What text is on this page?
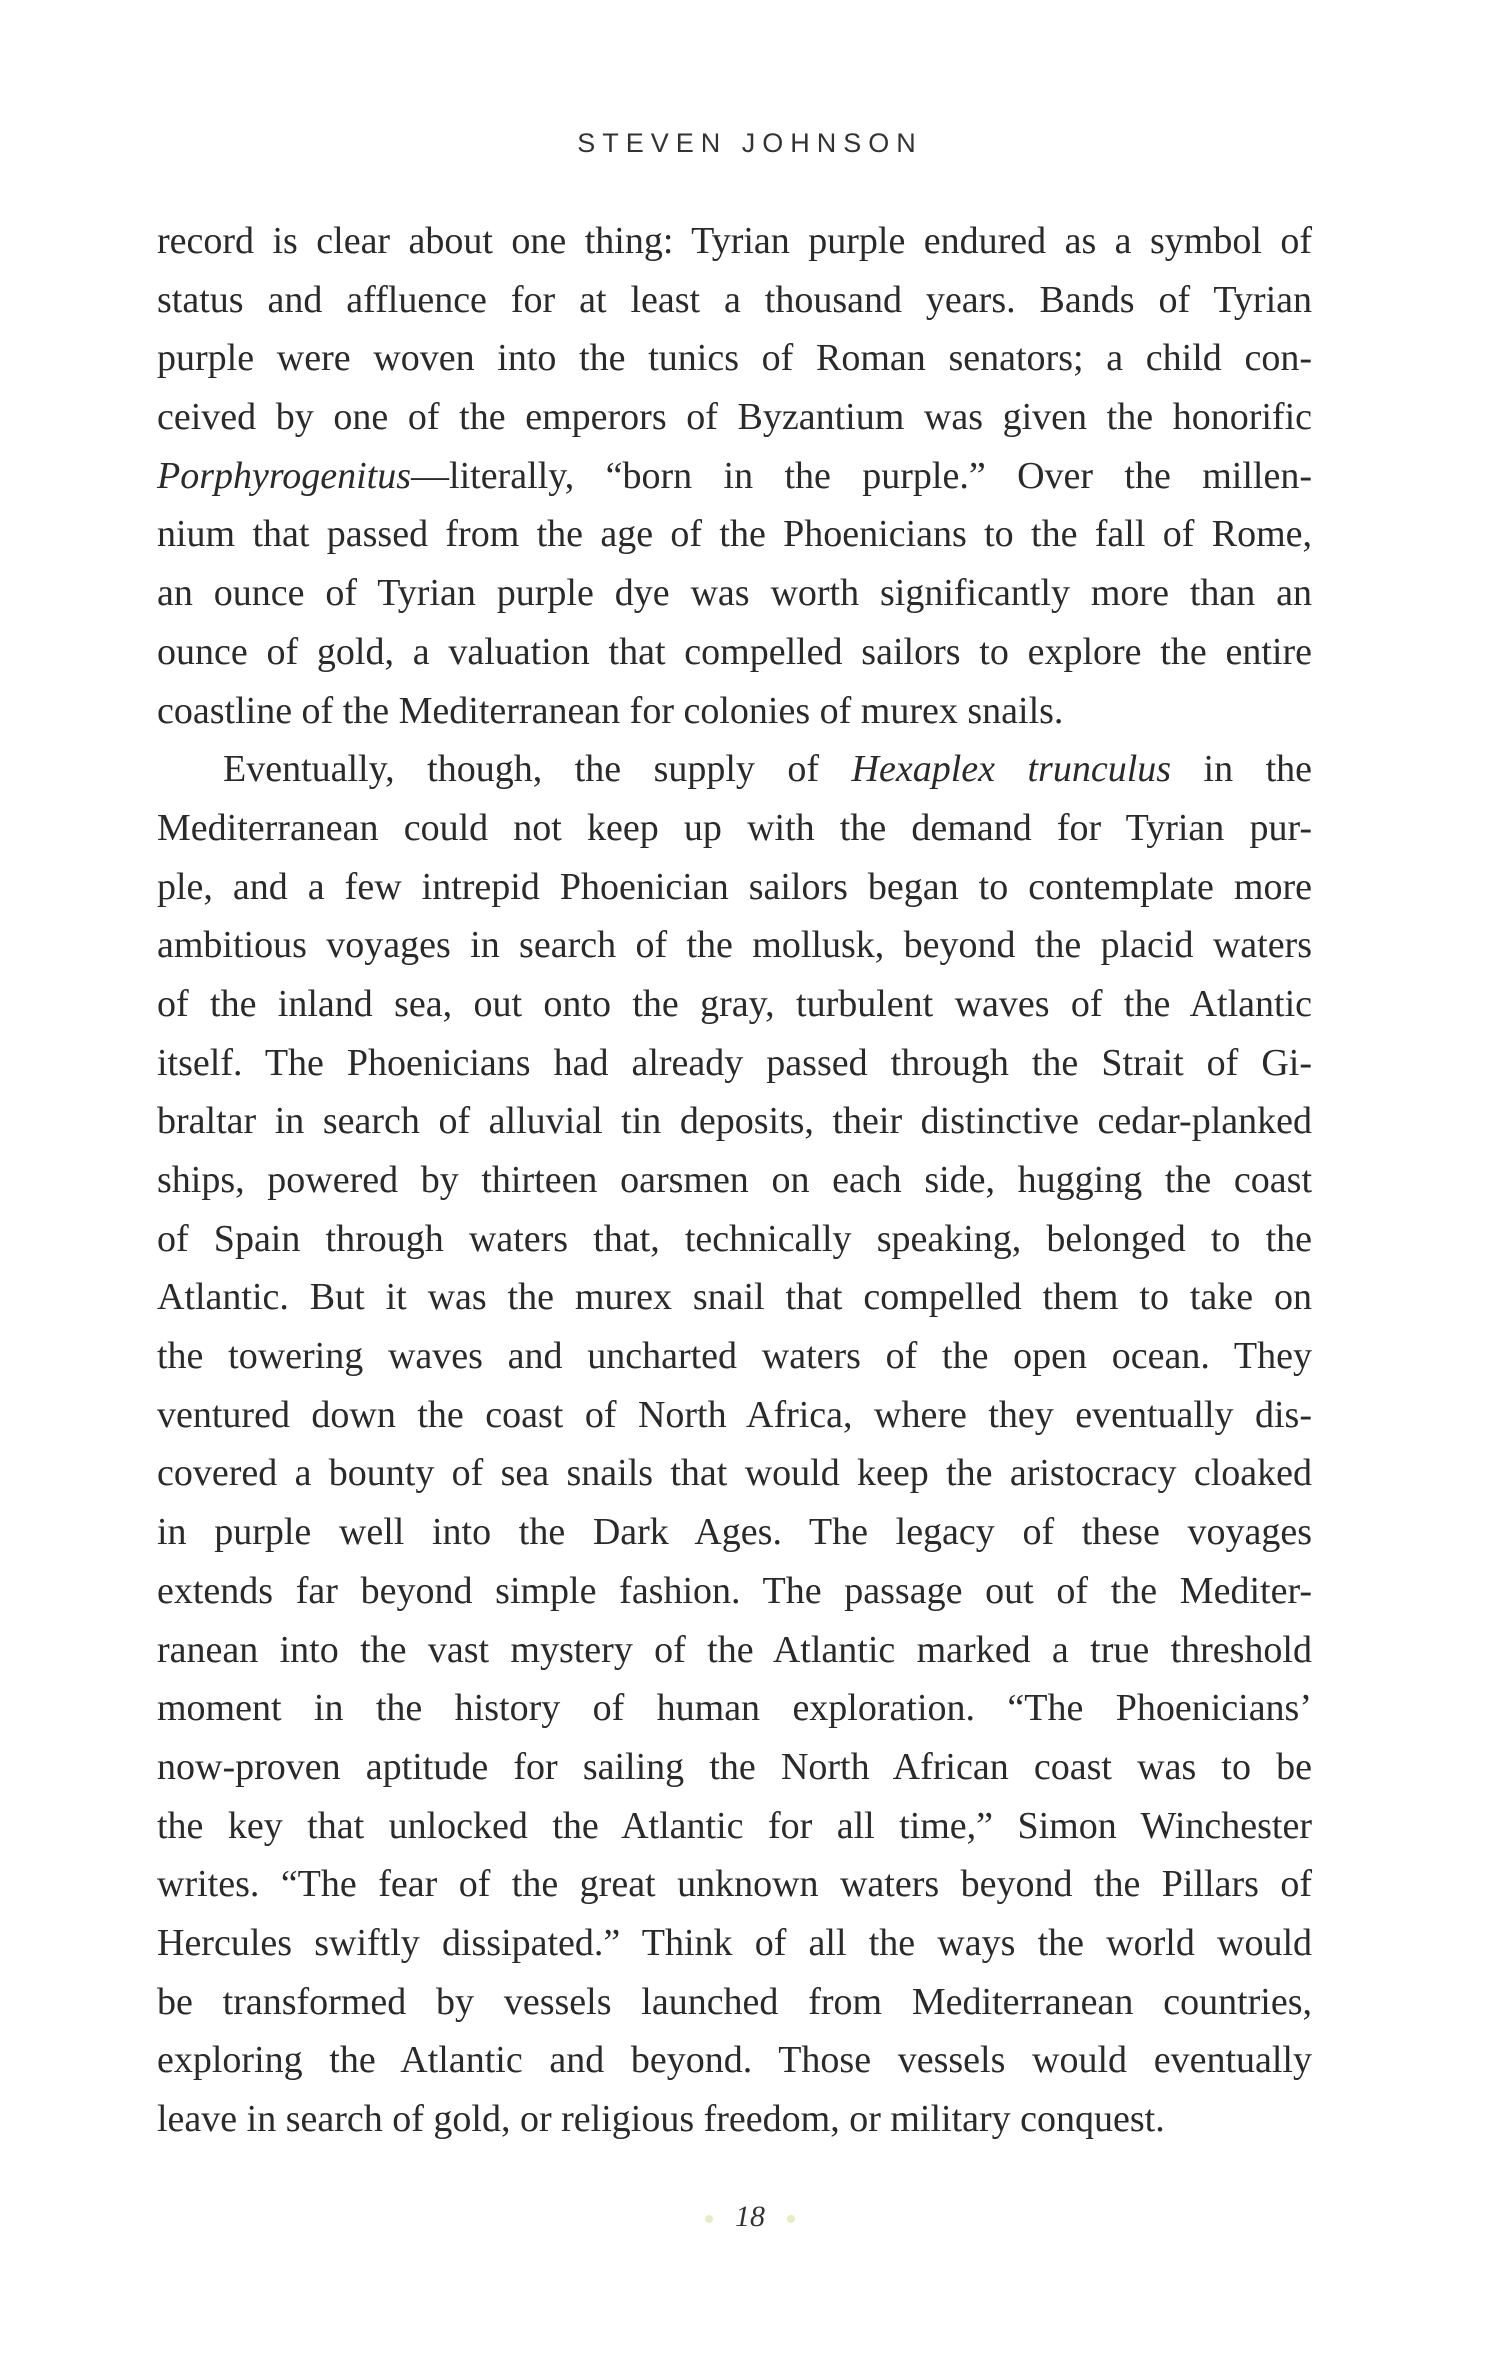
STEVEN JOHNSON
record is clear about one thing: Tyrian purple endured as a symbol of
status and affluence for at least a thousand years. Bands of Tyrian
purple were woven into the tunics of Roman senators; a child con-
ceived by one of the emperors of Byzantium was given the honorific
Porphyrogenitus—literally, “born in the purple.” Over the millen-
nium that passed from the age of the Phoenicians to the fall of Rome,
an ounce of Tyrian purple dye was worth significantly more than an
ounce of gold, a valuation that compelled sailors to explore the entire
coastline of the Mediterranean for colonies of murex snails.
Eventually, though, the supply of Hexaplex trunculus in the
Mediterranean could not keep up with the demand for Tyrian pur-
ple, and a few intrepid Phoenician sailors began to contemplate more
ambitious voyages in search of the mollusk, beyond the placid waters
of the inland sea, out onto the gray, turbulent waves of the Atlantic
itself. The Phoenicians had already passed through the Strait of Gi-
braltar in search of alluvial tin deposits, their distinctive cedar-planked
ships, powered by thirteen oarsmen on each side, hugging the coast
of Spain through waters that, technically speaking, belonged to the
Atlantic. But it was the murex snail that compelled them to take on
the towering waves and uncharted waters of the open ocean. They
ventured down the coast of North Africa, where they eventually dis-
covered a bounty of sea snails that would keep the aristocracy cloaked
in purple well into the Dark Ages. The legacy of these voyages
extends far beyond simple fashion. The passage out of the Mediter-
ranean into the vast mystery of the Atlantic marked a true threshold
moment in the history of human exploration. “The Phoenicians’
now-proven aptitude for sailing the North African coast was to be
the key that unlocked the Atlantic for all time,” Simon Winchester
writes. “The fear of the great unknown waters beyond the Pillars of
Hercules swiftly dissipated.” Think of all the ways the world would
be transformed by vessels launched from Mediterranean countries,
exploring the Atlantic and beyond. Those vessels would eventually
leave in search of gold, or religious freedom, or military conquest.
18
